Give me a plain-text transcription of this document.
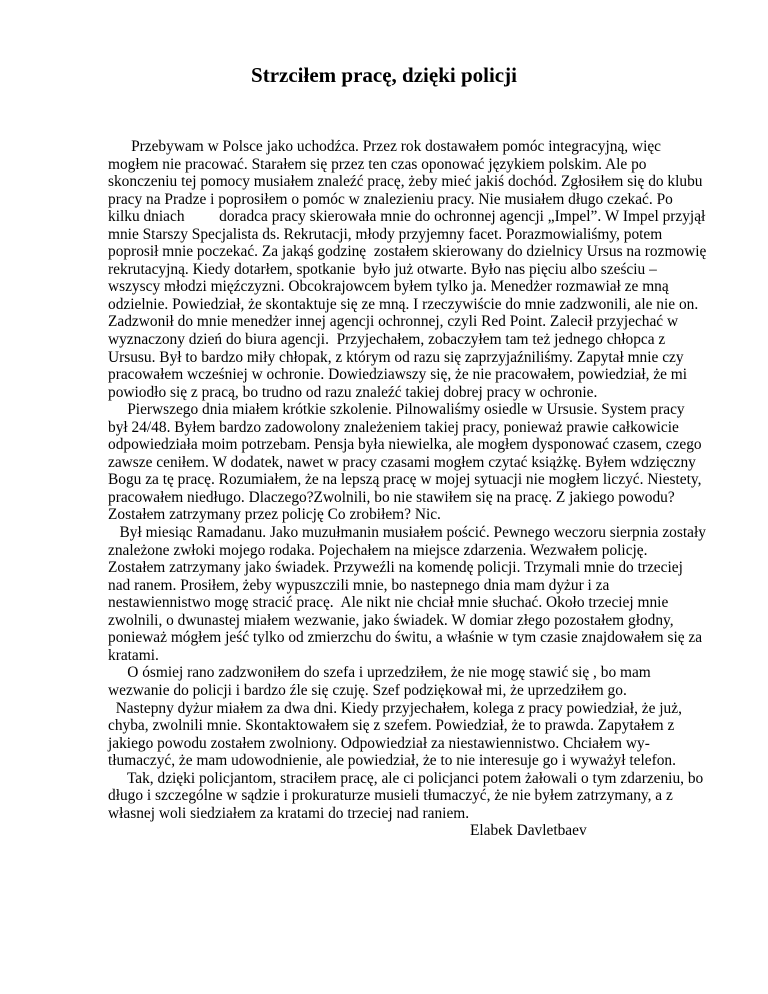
Strzciłem pracę, dzięki policji
Przebywam w Polsce jako uchodźca. Przez rok dostawałem pomóc integracyjną, więc
mogłem nie pracować. Starałem się przez ten czas oponować językiem polskim. Ale po
skonczeniu tej pomocy musiałem znaleźć pracę, żeby mieć jakiś dochód. Zgłosiłem się do klubu
pracy na Pradze i poprosiłem o pomóc w znalezieniu pracy. Nie musiałem długo czekać. Po
kilku dniach         doradca pracy skierowała mnie do ochronnej agencji „Impel”. W Impel przyjął
mnie Starszy Specjalista ds. Rekrutacji, młody przyjemny facet. Porazmowialiśmy, potem
poprosił mnie poczekać. Za jakąś godzinę  zostałem skierowany do dzielnicy Ursus na rozmowię
rekrutacyjną. Kiedy dotarłem, spotkanie  było już otwarte. Było nas pięciu albo sześciu –
wszyscy młodzi mięźczyzni. Obcokrajowcem byłem tylko ja. Menedżer rozmawiał ze mną
odzielnie. Powiedział, że skontaktuje się ze mną. I rzeczywiście do mnie zadzwonili, ale nie on.
Zadzwonił do mnie menedżer innej agencji ochronnej, czyli Red Point. Zalecił przyjechać w
wyznaczony dzień do biura agencji.  Przyjechałem, zobaczyłem tam też jednego chłopca z
Ursusu. Był to bardzo miły chłopak, z którym od razu się zaprzyjaźniliśmy. Zapytał mnie czy
pracowałem wcześniej w ochronie. Dowiedziawszy się, że nie pracowałem, powiedział, że mi
powiodło się z pracą, bo trudno od razu znaleźć takiej dobrej pracy w ochronie.
Pierwszego dnia miałem krótkie szkolenie. Pilnowaliśmy osiedle w Ursusie. System pracy
był 24/48. Byłem bardzo zadowolony znależeniem takiej pracy, ponieważ prawie całkowicie
odpowiedziała moim potrzebam. Pensja była niewielka, ale mogłem dysponować czasem, czego
zawsze ceniłem. W dodatek, nawet w pracy czasami mogłem czytać książkę. Byłem wdzięczny
Bogu za tę pracę. Rozumiałem, że na lepszą pracę w mojej sytuacji nie mogłem liczyć. Niestety,
pracowałem niedługo. Dlaczego?Zwolnili, bo nie stawiłem się na pracę. Z jakiego powodu?
Zostałem zatrzymany przez policję Co zrobiłem? Nic.
Był miesiąc Ramadanu. Jako muzułmanin musiałem pościć. Pewnego weczoru sierpnia zostały
znależone zwłoki mojego rodaka. Pojechałem na miejsce zdarzenia. Wezwałem policję.
Zostałem zatrzymany jako świadek. Przyweźli na komendę policji. Trzymali mnie do trzeciej
nad ranem. Prosiłem, żeby wypuszczili mnie, bo nastepnego dnia mam dyżur i za
nestawiennistwo mogę stracić pracę.  Ale nikt nie chciał mnie słuchać. Około trzeciej mnie
zwolnili, o dwunastej miałem wezwanie, jako świadek. W domiar złego pozostałem głodny,
ponieważ mógłem jeść tylko od zmierzchu do świtu, a właśnie w tym czasie znajdowałem się za
kratami.
O ósmiej rano zadzwoniłem do szefa i uprzedziłem, że nie mogę stawić się , bo mam
wezwanie do policji i bardzo źle się czuję. Szef podziękował mi, że uprzedziłem go.
Nastepny dyżur miałem za dwa dni. Kiedy przyjechałem, kolega z pracy powiedział, że już,
chyba, zwolnili mnie. Skontaktowałem się z szefem. Powiedział, że to prawda. Zapytałem z
jakiego powodu zostałem zwolniony. Odpowiedział za niestawiennistwo. Chciałem wy-
tłumaczyć, że mam udowodnienie, ale powiedział, że to nie interesuje go i wyważył telefon.
Tak, dzięki policjantom, straciłem pracę, ale ci policjanci potem żałowali o tym zdarzeniu, bo
długo i szczególne w sądzie i prokuraturze musieli tłumaczyć, że nie byłem zatrzymany, a z
własnej woli siedziałem za kratami do trzeciej nad raniem.
Elabek Davletbaev
